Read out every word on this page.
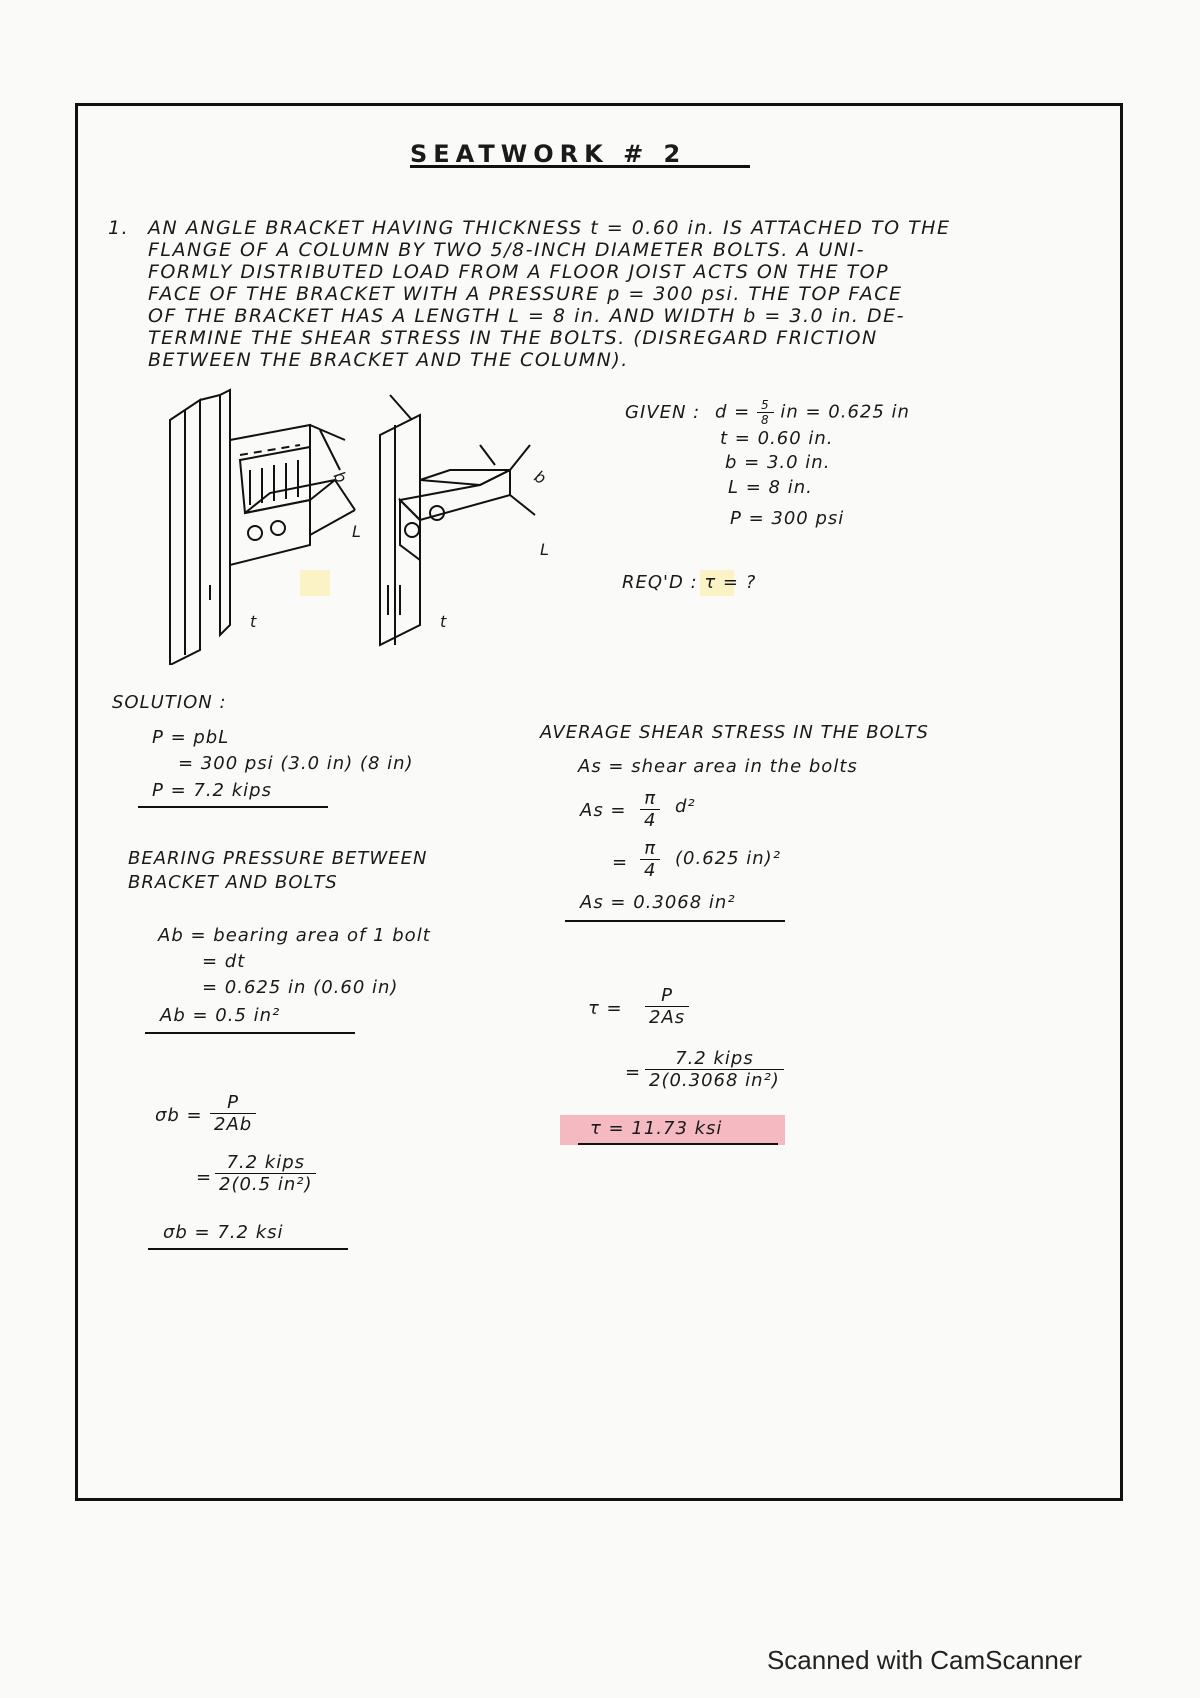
SEATWORK # 2
1. AN ANGLE BRACKET HAVING THICKNESS t = 0.60 in. IS ATTACHED TO THE
FLANGE OF A COLUMN BY TWO 5/8-INCH DIAMETER BOLTS. A UNI-
FORMLY DISTRIBUTED LOAD FROM A FLOOR JOIST ACTS ON THE TOP
FACE OF THE BRACKET WITH A PRESSURE p = 300 psi. THE TOP FACE
OF THE BRACKET HAS A LENGTH L = 8 in. AND WIDTH b = 3.0 in. DE-
TERMINE THE SHEAR STRESS IN THE BOLTS. (DISREGARD FRICTION
BETWEEN THE BRACKET AND THE COLUMN).
b
L
t
b
L
t
GIVEN : $d = \frac{5}{8}$ in = 0.625 in
t = 0.60 in.
b = 3.0 in.
L = 8 in.
P = 300 psi
REQ'D : τ = ?
SOLUTION :
P = pbL
= 300 psi (3.0 in) (8 in)
P = 7.2 kips
BEARING PRESSURE BETWEEN
BRACKET AND BOLTS
Ab = bearing area of 1 bolt
= dt
= 0.625 in (0.60 in)
Ab = 0.5 in²
$\sigma b = \frac{P}{2Ab}$
=
7.2 kips
2(0.5 in²)
σb = 7.2 ksi
AVERAGE SHEAR STRESS IN THE BOLTS
As = shear area in the bolts
$As = \frac{\pi}{4} d^2$
= $\frac{\pi}{4} (0.625$ in)²
As = 0.3068 in²
$\tau = \frac{P}{2As}$
=
7.2 kips
2(0.3068 in²)
τ = 11.73 ksi
Scanned with CamScanner
